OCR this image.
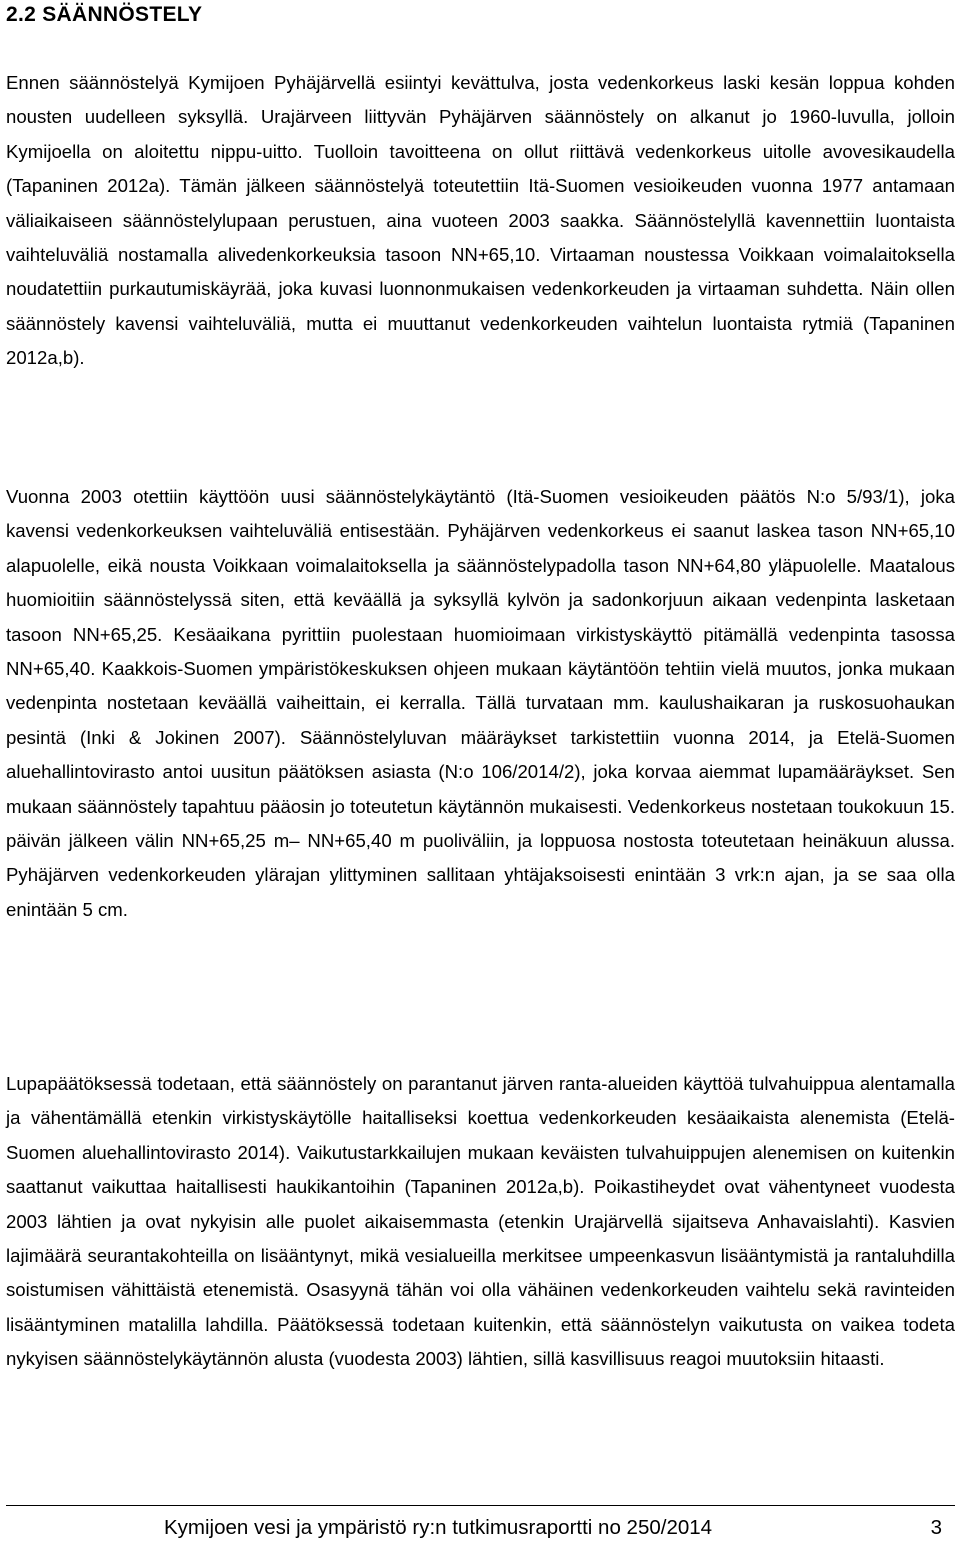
2.2 SÄÄNNÖSTELY

Ennen säännöstelyä Kymijoen Pyhäjärvellä esiintyi kevättulva, josta vedenkorkeus laski kesän loppua kohden nousten uudelleen syksyllä. Urajärveen liittyvän Pyhäjärven säännöstely on alkanut jo 1960-luvulla, jolloin Kymijoella on aloitettu nippu-uitto. Tuolloin tavoitteena on ollut riittävä vedenkorkeus uitolle avovesikaudella (Tapaninen 2012a). Tämän jälkeen säännöstelyä toteutettiin Itä-Suomen vesioikeuden vuonna 1977 antamaan väliaikaiseen säännöstelylupaan perustuen, aina vuoteen 2003 saakka. Säännöstelyllä kavennettiin luontaista vaihteluväliä nostamalla alivedenkorkeuksia tasoon NN+65,10. Virtaaman noustessa Voikkaan voimalaitoksella noudatettiin purkautumiskäyrää, joka kuvasi luonnonmukaisen vedenkorkeuden ja virtaaman suhdetta. Näin ollen säännöstely kavensi vaihteluväliä, mutta ei muuttanut vedenkorkeuden vaihtelun luontaista rytmiä (Tapaninen 2012a,b).

Vuonna 2003 otettiin käyttöön uusi säännöstelykäytäntö (Itä-Suomen vesioikeuden päätös N:o 5/93/1), joka kavensi vedenkorkeuksen vaihteluväliä entisestään. Pyhäjärven vedenkorkeus ei saanut laskea tason NN+65,10 alapuolelle, eikä nousta Voikkaan voimalaitoksella ja säännöstelypadolla tason NN+64,80 yläpuolelle. Maatalous huomioitiin säännöstelyssä siten, että keväällä ja syksyllä kylvön ja sadonkorjuun aikaan vedenpinta lasketaan tasoon NN+65,25. Kesäaikana pyrittiin puolestaan huomioimaan virkistyskäyttö pitämällä vedenpinta tasossa NN+65,40. Kaakkois-Suomen ympäristökeskuksen ohjeen mukaan käytäntöön tehtiin vielä muutos, jonka mukaan vedenpinta nostetaan keväällä vaiheittain, ei kerralla. Tällä turvataan mm. kaulushaikaran ja ruskosuohaukan pesintä (Inki & Jokinen 2007). Säännöstelyluvan määräykset tarkistettiin vuonna 2014, ja Etelä-Suomen aluehallintovirasto antoi uusitun päätöksen asiasta (N:o 106/2014/2), joka korvaa aiemmat lupamääräykset. Sen mukaan säännöstely tapahtuu pääosin jo toteutetun käytännön mukaisesti. Vedenkorkeus nostetaan toukokuun 15. päivän jälkeen välin NN+65,25 m– NN+65,40 m puoliväliin, ja loppuosa nostosta toteutetaan heinäkuun alussa. Pyhäjärven vedenkorkeuden ylärajan ylittyminen sallitaan yhtäjaksoisesti enintään 3 vrk:n ajan, ja se saa olla enintään 5 cm.

Lupapäätöksessä todetaan, että säännöstely on parantanut järven ranta-alueiden käyttöä tulvahuippua alentamalla ja vähentämällä etenkin virkistyskäytölle haitalliseksi koettua vedenkorkeuden kesäaikaista alenemista (Etelä-Suomen aluehallintovirasto 2014). Vaikutustarkkailujen mukaan keväisten tulvahuippujen alenemisen on kuitenkin saattanut vaikuttaa haitallisesti haukikantoihin (Tapaninen 2012a,b). Poikastiheydet ovat vähentyneet vuodesta 2003 lähtien ja ovat nykyisin alle puolet aikaisemmasta (etenkin Urajärvellä sijaitseva Anhavaislahti). Kasvien lajimäärä seurantakohteilla on lisääntynyt, mikä vesialueilla merkitsee umpeenkasvun lisääntymistä ja rantaluhdilla soistumisen vähittäistä etenemistä. Osasyynä tähän voi olla vähäinen vedenkorkeuden vaihtelu sekä ravinteiden lisääntyminen matalilla lahdilla. Päätöksessä todetaan kuitenkin, että säännöstelyn vaikutusta on vaikea todeta nykyisen säännöstelykäytännön alusta (vuodesta 2003) lähtien, sillä kasvillisuus reagoi muutoksiin hitaasti.

Kymijoen vesi ja ympäristö ry:n tutkimusraportti no 250/2014	3
